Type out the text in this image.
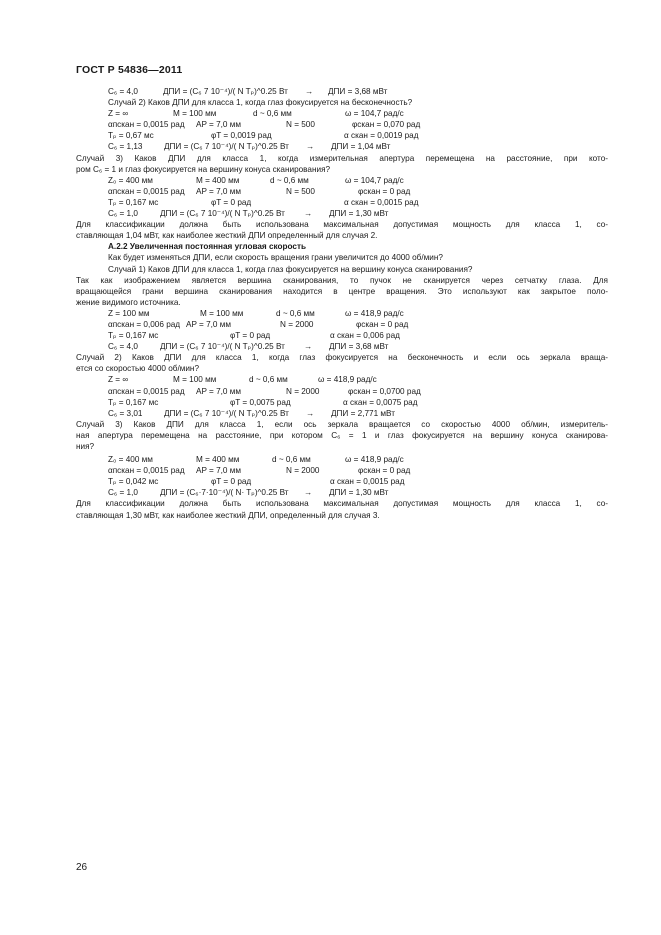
ГОСТ Р 54836—2011
C₆ = 4,0	ДПИ = (C₆ 7 10⁻⁴)/( N Tₚ)^0.25 Вт → ДПИ = 3,68 мВт
Случай 2) Каков ДПИ для класса 1, когда глаз фокусируется на бесконечность?
Z = ∞	M = 100 мм	d ~ 0,6 мм	ω = 104,7 рад/с
αпскан = 0,0015 рад AP = 7,0 мм	N = 500	φскан = 0,070 рад
Tₚ = 0,67 мс	φT = 0,0019 рад	α скан = 0,0019 рад
C₆ = 1,13	ДПИ = (C₆ 7 10⁻⁴)/( N Tₚ)^0.25 Вт → ДПИ = 1,04 мВт
Случай 3) Каков ДПИ для класса 1, когда измерительная апертура перемещена на расстояние, при кото-
ром C₆ = 1 и глаз фокусируется на вершину конуса сканирования?
Z₀ = 400 мм	M = 400 мм	d ~ 0,6 мм	ω = 104,7 рад/с
αпскан = 0,0015 рад AP = 7,0 мм	N = 500	φскан = 0 рад
Tₚ = 0,167 мс	φT = 0 рад	α скан = 0,0015 рад
C₆ = 1,0	ДПИ = (C₆ 7 10⁻⁴)/( N Tₚ)^0.25 Вт → ДПИ = 1,30 мВт
Для классификации должна быть использована максимальная допустимая мощность для класса 1, со-
ставляющая 1,04 мВт, как наиболее жесткий ДПИ определенный для случая 2.
А.2.2 Увеличенная постоянная угловая скорость
Как будет изменяться ДПИ, если скорость вращения грани увеличится до 4000 об/мин?
Случай 1) Каков ДПИ для класса 1, когда глаз фокусируется на вершину конуса сканирования?
Так как изображением является вершина сканирования, то пучок не сканируется через сетчатку глаза. Для
вращающейся грани вершина сканирования находится в центре вращения. Это используют как закрытое поло-
жение видимого источника.
Z = 100 мм	M = 100 мм	d ~ 0,6 мм	ω = 418,9 рад/с
αпскан = 0,006 рад AP = 7,0 мм	N = 2000	φскан = 0 рад
Tₚ = 0,167 мс	φT = 0 рад	α скан = 0,006 рад
C₆ = 4,0	ДПИ = (C₆ 7 10⁻⁴)/( N Tₚ)^0.25 Вт → ДПИ = 3,68 мВт
Случай 2) Каков ДПИ для класса 1, когда глаз фокусируется на бесконечность и если ось зеркала враща-
ется со скоростью 4000 об/мин?
Z = ∞	M = 100 мм	d ~ 0,6 мм	ω = 418,9 рад/с
αпскан = 0,0015 рад AP = 7,0 мм	N = 2000	φскан = 0,0700 рад
Tₚ = 0,167 мс	φT = 0,0075 рад	α скан = 0,0075 рад
C₆ = 3,01	ДПИ = (C₆ 7 10⁻⁴)/( N Tₚ)^0.25 Вт → ДПИ = 2,771 мВт
Случай 3) Каков ДПИ для класса 1, если ось зеркала вращается со скоростью 4000 об/мин, измеритель-
ная апертура перемещена на расстояние, при котором C₆ = 1 и глаз фокусируется на вершину конуса сканирова-
ния?
Z₀ = 400 мм	M = 400 мм	d ~ 0,6 мм	ω = 418,9 рад/с
αпскан = 0,0015 рад AP = 7,0 мм	N = 2000	φскан = 0 рад
Tₚ = 0,042 мс	φT = 0 рад	α скан = 0,0015 рад
C₆ = 1,0	ДПИ = (C₆·7·10⁻⁴)/( N· Tₚ)^0.25 Вт → ДПИ = 1,30 мВт
Для классификации должна быть использована максимальная допустимая мощность для класса 1, со-
ставляющая 1,30 мВт, как наиболее жесткий ДПИ, определенный для случая 3.
26
